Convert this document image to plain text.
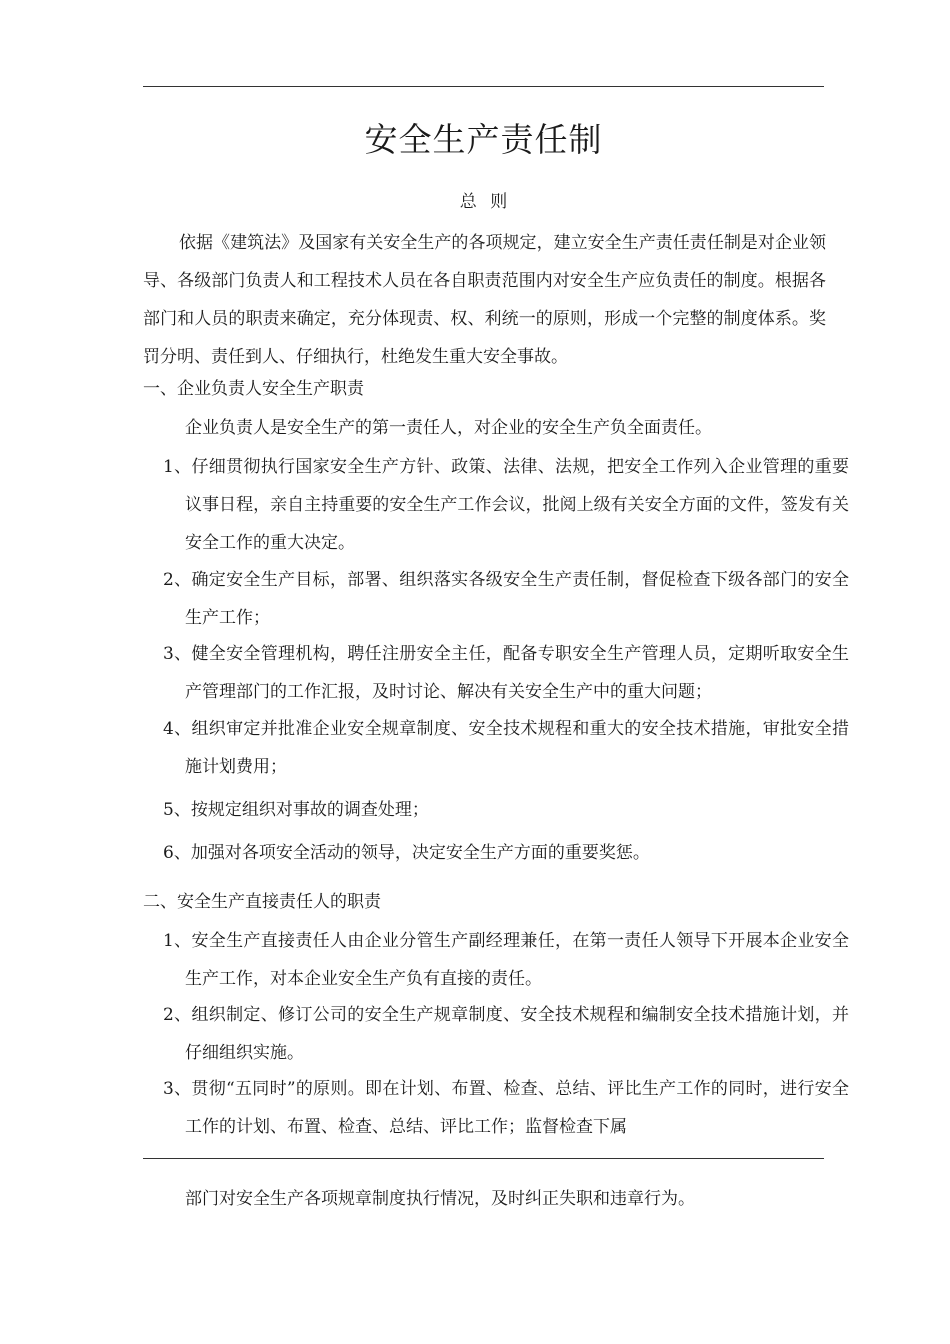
安全生产责任制
总 则
依据《建筑法》及国家有关安全生产的各项规定，建立安全生产责任责任制是对企业领导、各级部门负责人和工程技术人员在各自职责范围内对安全生产应负责任的制度。根据各部门和人员的职责来确定，充分体现责、权、利统一的原则，形成一个完整的制度体系。奖罚分明、责任到人、仔细执行，杜绝发生重大安全事故。
一、企业负责人安全生产职责
企业负责人是安全生产的第一责任人，对企业的安全生产负全面责任。
1、仔细贯彻执行国家安全生产方针、政策、法律、法规，把安全工作列入企业管理的重要议事日程，亲自主持重要的安全生产工作会议，批阅上级有关安全方面的文件，签发有关安全工作的重大决定。
2、确定安全生产目标，部署、组织落实各级安全生产责任制，督促检查下级各部门的安全生产工作；
3、健全安全管理机构，聘任注册安全主任，配备专职安全生产管理人员，定期听取安全生产管理部门的工作汇报，及时讨论、解决有关安全生产中的重大问题；
4、组织审定并批准企业安全规章制度、安全技术规程和重大的安全技术措施，审批安全措施计划费用；
5、按规定组织对事故的调查处理；
6、加强对各项安全活动的领导，决定安全生产方面的重要奖惩。
二、安全生产直接责任人的职责
1、安全生产直接责任人由企业分管生产副经理兼任，在第一责任人领导下开展本企业安全生产工作，对本企业安全生产负有直接的责任。
2、组织制定、修订公司的安全生产规章制度、安全技术规程和编制安全技术措施计划，并仔细组织实施。
3、贯彻“五同时”的原则。即在计划、布置、检查、总结、评比生产工作的同时，进行安全工作的计划、布置、检查、总结、评比工作；监督检查下属
部门对安全生产各项规章制度执行情况，及时纠正失职和违章行为。
